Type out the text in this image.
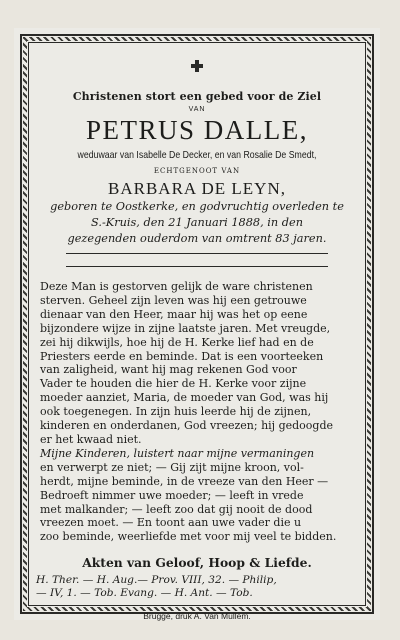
Christenen stort een gebed voor de Ziel
VAN
PETRUS DALLE,
weduwaar van Isabelle De Decker, en van Rosalie De Smedt,
ECHTGENOOT VAN
BARBARA DE LEYN,
geboren te Oostkerke, en godvruchtig overleden te
S.-Kruis, den 21 Januari 1888, in den
gezegenden ouderdom van omtrent 83 jaren.
Deze Man is gestorven gelijk de ware christenen
sterven. Geheel zijn leven was hij een getrouwe
dienaar van den Heer, maar hij was het op eene
bijzondere wijze in zijne laatste jaren. Met vreugde,
zei hij dikwijls, hoe hij de H. Kerke lief had en de
Priesters eerde en beminde. Dat is een voorteeken
van zaligheid, want hij mag rekenen God voor
Vader te houden die hier de H. Kerke voor zijne
moeder aanziet, Maria, de moeder van God, was hij
ook toegenegen. In zijn huis leerde hij de zijnen,
kinderen en onderdanen, God vreezen; hij gedoogde
er het kwaad niet.
Mijne Kinderen, luistert naar mijne vermaningen
en verwerpt ze niet; — Gij zijt mijne kroon, vol-
herdt, mijne beminde, in de vreeze van den Heer —
Bedroeft nimmer uwe moeder; — leeft in vrede
met malkander; — leeft zoo dat gij nooit de dood
vreezen moet. — En toont aan uwe vader die u
zoo beminde, weerliefde met voor mij veel te bidden.
Akten van Geloof, Hoop & Liefde.
H. Ther. — H. Aug.— Prov. VIII, 32. — Philip,
— IV, 1. — Tob. Evang. — H. Ant. — Tob.
Brugge, druk A. Van Mullem.
